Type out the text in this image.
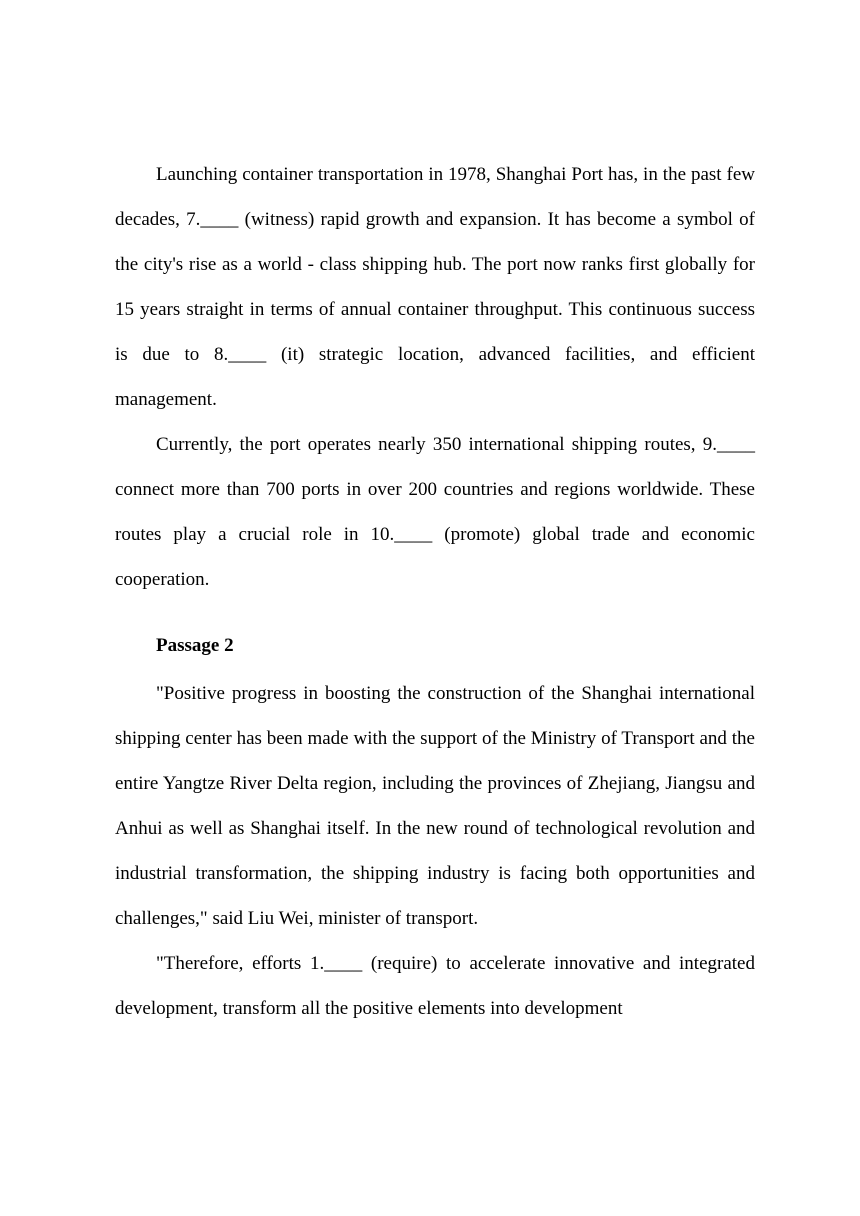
Launching container transportation in 1978, Shanghai Port has, in the past few decades, 7.____ (witness) rapid growth and expansion. It has become a symbol of the city's rise as a world - class shipping hub. The port now ranks first globally for 15 years straight in terms of annual container throughput. This continuous success is due to 8.____ (it) strategic location, advanced facilities, and efficient management.

Currently, the port operates nearly 350 international shipping routes, 9.____ connect more than 700 ports in over 200 countries and regions worldwide. These routes play a crucial role in 10.____ (promote) global trade and economic cooperation.

Passage 2

"Positive progress in boosting the construction of the Shanghai international shipping center has been made with the support of the Ministry of Transport and the entire Yangtze River Delta region, including the provinces of Zhejiang, Jiangsu and Anhui as well as Shanghai itself. In the new round of technological revolution and industrial transformation, the shipping industry is facing both opportunities and challenges," said Liu Wei, minister of transport.

"Therefore, efforts 1.____ (require) to accelerate innovative and integrated development, transform all the positive elements into development
